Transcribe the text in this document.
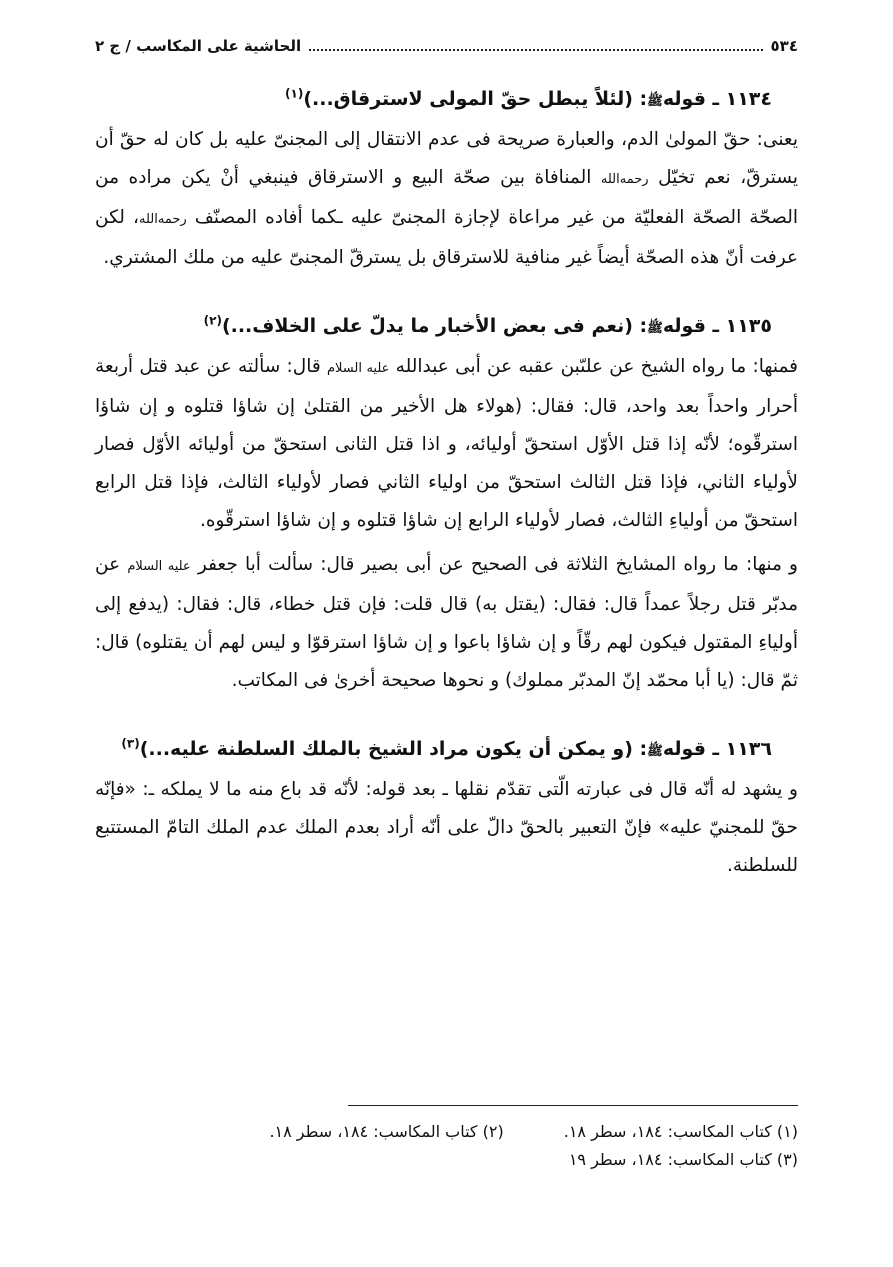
٥٣٤
الحاشية على المكاسب / ج ٢

١١٣٤ ـ قولهﷺ: (لئلاً يبطل حقّ المولى لاسترقاق...)$^{(١)}$

يعنى: حقّ المولىٰ الدم، والعبارة صريحة فى عدم الانتقال إلى المجنىّ عليه بل كان له حقّ أن يسترقّ، نعم تخيّل رحمه‌الله المنافاة بين صحّة البيع و الاسترقاق فينبغي أنْ يكن مراده من الصحّة الصحّة الفعليّة من غير مراعاة لإجازة المجنىّ عليه ـكما أفاده المصنّف رحمه‌الله، لكن عرفت أنّ هذه الصحّة أيضاً غير منافية للاسترقاق بل يسترقّ المجنىّ عليه من ملك المشتري.

١١٣٥ ـ قولهﷺ: (نعم فى بعض الأخبار ما يدلّ على الخلاف...)$^{(٢)}$

فمنها: ما رواه الشيخ عن علىّبن عقبه عن أبى عبدالله عليه السلام قال: سألته عن عبد قتل أربعة أحرار واحداً بعد واحد، قال: فقال: (هولاء هل الأخير من القتلىٰ إن شاؤا قتلوه و إن شاؤا استرقّوه؛ لأنّه إذا قتل الأوّل استحقّ أوليائه، و اذا قتل الثانى استحقّ من أوليائه الأوّل فصار لأولياء الثاني، فإذا قتل الثالث استحقّ من اولياء الثاني فصار لأولياء الثالث، فإذا قتل الرابع استحقّ من أولياءِ الثالث، فصار لأولياء الرابع إن شاؤا قتلوه و إن شاؤا استرقّوه.

و منها: ما رواه المشايخ الثلاثة فى الصحيح عن أبى بصير قال: سألت أبا جعفر عليه السلام عن مدبّر قتل رجلاً عمداً قال: فقال: (يقتل به) قال قلت: فإن قتل خطاء، قال: فقال: (يدفع إلى أولياءِ المقتول فيكون لهم رقّاً و إن شاؤا باعوا و إن شاؤا استرقوّا و ليس لهم أن يقتلوه) قال: ثمّ قال: (يا أبا محمّد إنّ المدبّر مملوك) و نحوها صحيحة أخرىٰ فى المكاتب.

١١٣٦ ـ قولهﷺ: (و يمكن أن يكون مراد الشيخ بالملك السلطنة عليه...)$^{(٣)}$

و يشهد له أنّه قال فى عبارته الّتى تقدّم نقلها ـ بعد قوله: لأنّه قد باع منه ما لا يملكه ـ: «فإنّه حقّ للمجنيّ عليه» فإنّ التعبير بالحقّ دالّ على أنّه أراد بعدم الملك عدم الملك التامّ المستتبع للسلطنة.

(١) كتاب المكاسب: ١٨٤، سطر ١٨.
(٢) كتاب المكاسب: ١٨٤، سطر ١٨.
(٣) كتاب المكاسب: ١٨٤، سطر ١٩
